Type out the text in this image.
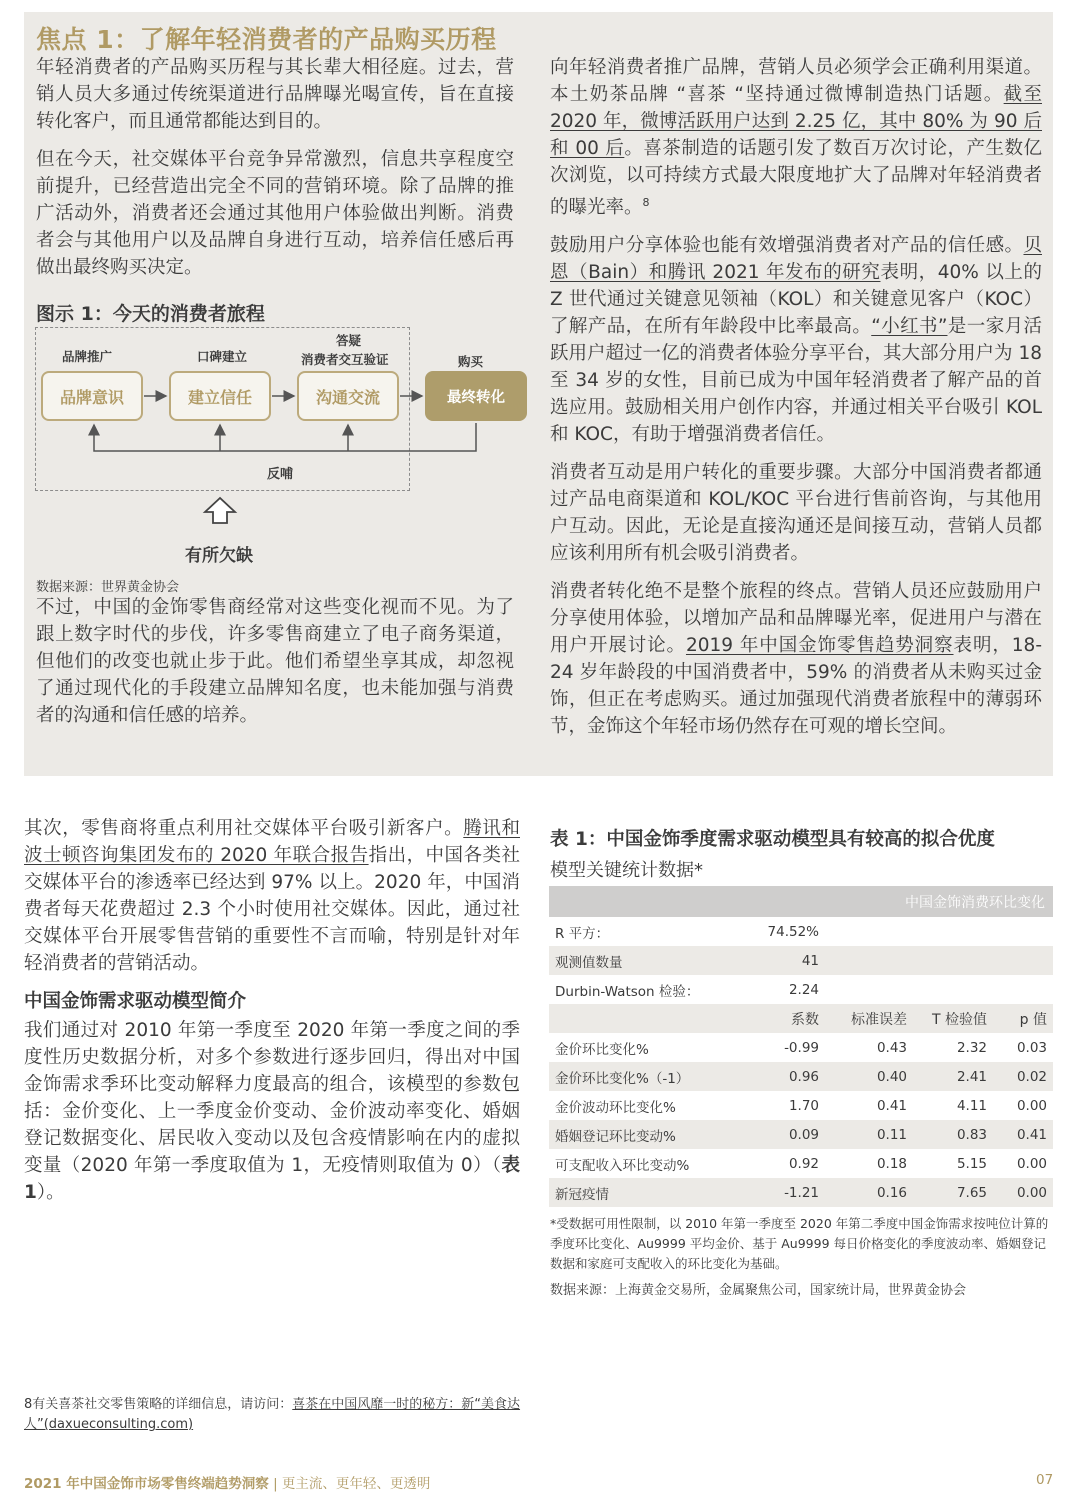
焦点 1：了解年轻消费者的产品购买历程

年轻消费者的产品购买历程与其长辈大相径庭。过去，营销人员大多通过传统渠道进行品牌曝光喝宣传，旨在直接转化客户，而且通常都能达到目的。

但在今天，社交媒体平台竞争异常激烈，信息共享程度空前提升，已经营造出完全不同的营销环境。除了品牌的推广活动外，消费者还会通过其他用户体验做出判断。消费者会与其他用户以及品牌自身进行互动，培养信任感后再做出最终购买决定。

图示 1：今天的消费者旅程
品牌推广	口碑建立
答疑
消费者交互验证	购买
品牌意识	建立信任	沟通交流	最终转化
反哺
有所欠缺
数据来源：世界黄金协会

不过，中国的金饰零售商经常对这些变化视而不见。为了跟上数字时代的步伐，许多零售商建立了电子商务渠道，但他们的改变也就止步于此。他们希望坐享其成，却忽视了通过现代化的手段建立品牌知名度，也未能加强与消费者的沟通和信任感的培养。

向年轻消费者推广品牌，营销人员必须学会正确利用渠道。本土奶茶品牌 “喜茶 “坚持通过微博制造热门话题。截至 2020 年，微博活跃用户达到 2.25 亿，其中 80% 为 90 后和 00 后。喜茶制造的话题引发了数百万次讨论，产生数亿次浏览，以可持续方式最大限度地扩大了品牌对年轻消费者的曝光率。$^8$

鼓励用户分享体验也能有效增强消费者对产品的信任感。贝恩（Bain）和腾讯 2021 年发布的研究表明，40% 以上的 Z 世代通过关键意见领袖（KOL）和关键意见客户（KOC）了解产品，在所有年龄段中比率最高。“小红书”是一家月活跃用户超过一亿的消费者体验分享平台，其大部分用户为 18 至 34 岁的女性，目前已成为中国年轻消费者了解产品的首选应用。鼓励相关用户创作内容，并通过相关平台吸引 KOL 和 KOC，有助于增强消费者信任。

消费者互动是用户转化的重要步骤。大部分中国消费者都通过产品电商渠道和 KOL/KOC 平台进行售前咨询，与其他用户互动。因此，无论是直接沟通还是间接互动，营销人员都应该利用所有机会吸引消费者。

消费者转化绝不是整个旅程的终点。营销人员还应鼓励用户分享使用体验，以增加产品和品牌曝光率，促进用户与潜在用户开展讨论。2019 年中国金饰零售趋势洞察表明，18-24 岁年龄段的中国消费者中，59% 的消费者从未购买过金饰，但正在考虑购买。通过加强现代消费者旅程中的薄弱环节，金饰这个年轻市场仍然存在可观的增长空间。

其次，零售商将重点利用社交媒体平台吸引新客户。腾讯和波士顿咨询集团发布的 2020 年联合报告指出，中国各类社交媒体平台的渗透率已经达到 97% 以上。2020 年，中国消费者每天花费超过 2.3 个小时使用社交媒体。因此，通过社交媒体平台开展零售营销的重要性不言而喻，特别是针对年轻消费者的营销活动。

中国金饰需求驱动模型简介

我们通过对 2010 年第一季度至 2020 年第一季度之间的季度性历史数据分析，对多个参数进行逐步回归，得出对中国金饰需求季环比变动解释力度最高的组合，该模型的参数包括：金价变化、上一季度金价变动、金价波动率变化、婚姻登记数据变化、居民收入变动以及包含疫情影响在内的虚拟变量（2020 年第一季度取值为 1，无疫情则取值为 0）（表 1）。

表 1：中国金饰季度需求驱动模型具有较高的拟合优度
模型关键统计数据*
中国金饰消费环比变化				
R 平方：	74.52%			
观测值数量	41			
Durbin-Watson 检验：	2.24			
	系数	标准误差	T 检验值	p 值
金价环比变化%	-0.99	0.43	2.32	0.03
金价环比变化%（-1）	0.96	0.40	2.41	0.02
金价波动环比变化%	1.70	0.41	4.11	0.00
婚姻登记环比变动%	0.09	0.11	0.83	0.41
可支配收入环比变动%	0.92	0.18	5.15	0.00
新冠疫情	-1.21	0.16	7.65	0.00
*受数据可用性限制，以 2010 年第一季度至 2020 年第二季度中国金饰需求按吨位计算的季度环比变化、Au9999 平均金价、基于 Au9999 每日价格变化的季度波动率、婚姻登记数据和家庭可支配收入的环比变化为基础。
数据来源：上海黄金交易所，金属聚焦公司，国家统计局，世界黄金协会
8有关喜茶社交零售策略的详细信息，请访问：喜茶在中国风靡一时的秘方：新“美食达人”(daxueconsulting.com)
2021 年中国金饰市场零售终端趋势洞察 | 更主流、更年轻、更透明	07
